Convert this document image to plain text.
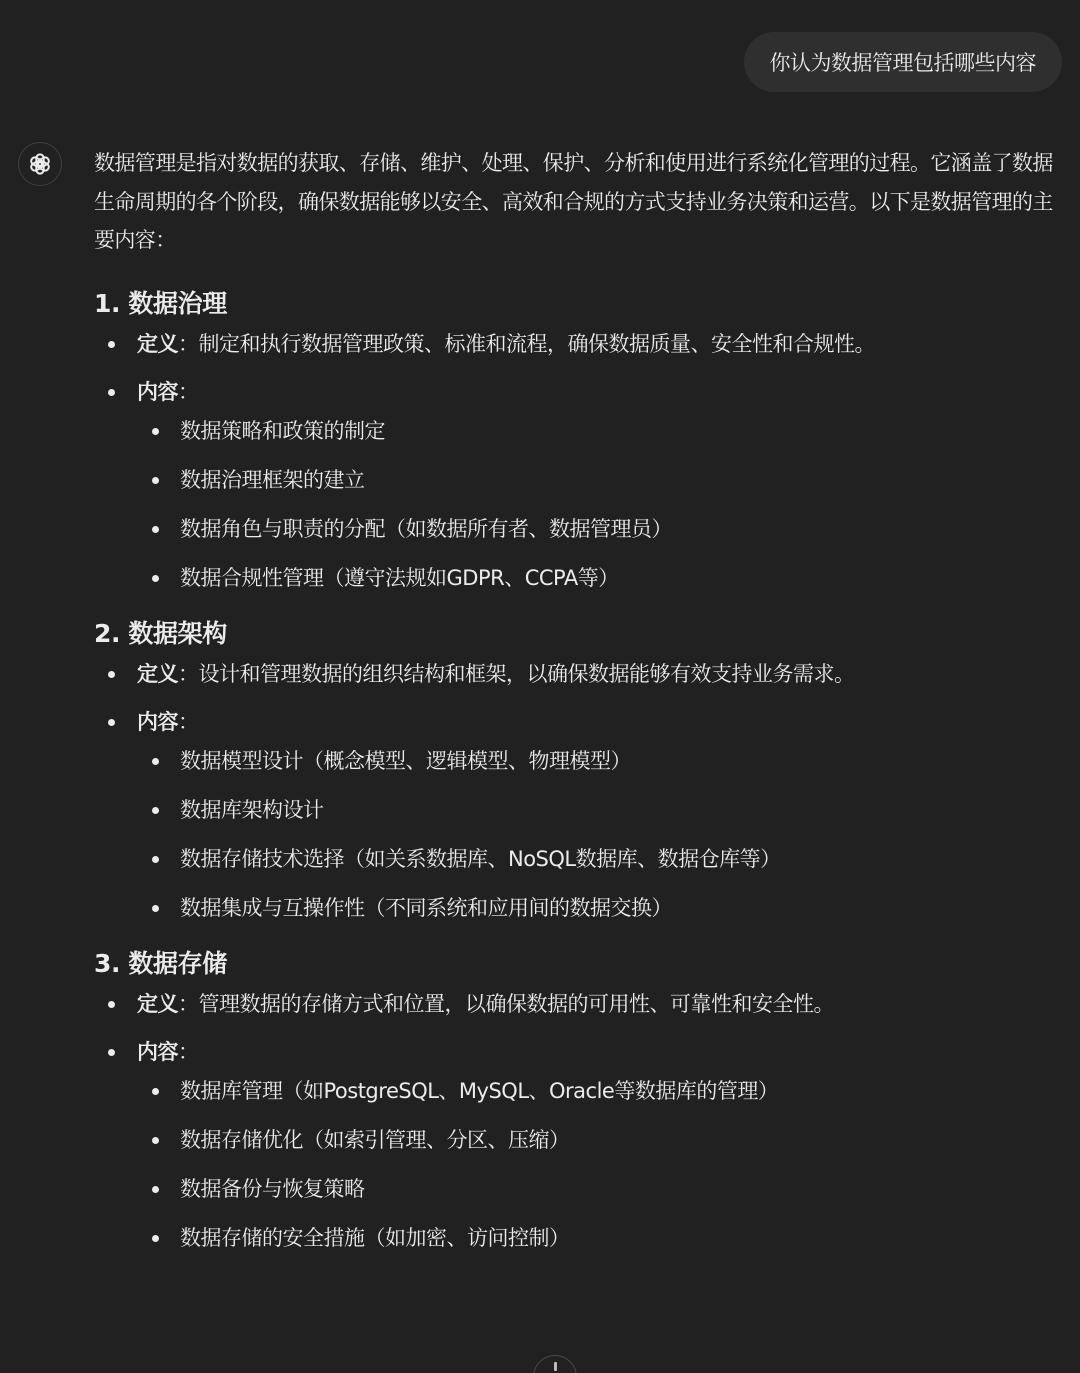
你认为数据管理包括哪些内容

数据管理是指对数据的获取、存储、维护、处理、保护、分析和使用进行系统化管理的过程。它涵盖了数据生命周期的各个阶段，确保数据能够以安全、高效和合规的方式支持业务决策和运营。以下是数据管理的主要内容：

1. 数据治理
定义：制定和执行数据管理政策、标准和流程，确保数据质量、安全性和合规性。
内容：
数据策略和政策的制定
数据治理框架的建立
数据角色与职责的分配（如数据所有者、数据管理员）
数据合规性管理（遵守法规如GDPR、CCPA等）
2. 数据架构
定义：设计和管理数据的组织结构和框架，以确保数据能够有效支持业务需求。
内容：
数据模型设计（概念模型、逻辑模型、物理模型）
数据库架构设计
数据存储技术选择（如关系数据库、NoSQL数据库、数据仓库等）
数据集成与互操作性（不同系统和应用间的数据交换）
3. 数据存储
定义：管理数据的存储方式和位置，以确保数据的可用性、可靠性和安全性。
内容：
数据库管理（如PostgreSQL、MySQL、Oracle等数据库的管理）
数据存储优化（如索引管理、分区、压缩）
数据备份与恢复策略
数据存储的安全措施（如加密、访问控制）
